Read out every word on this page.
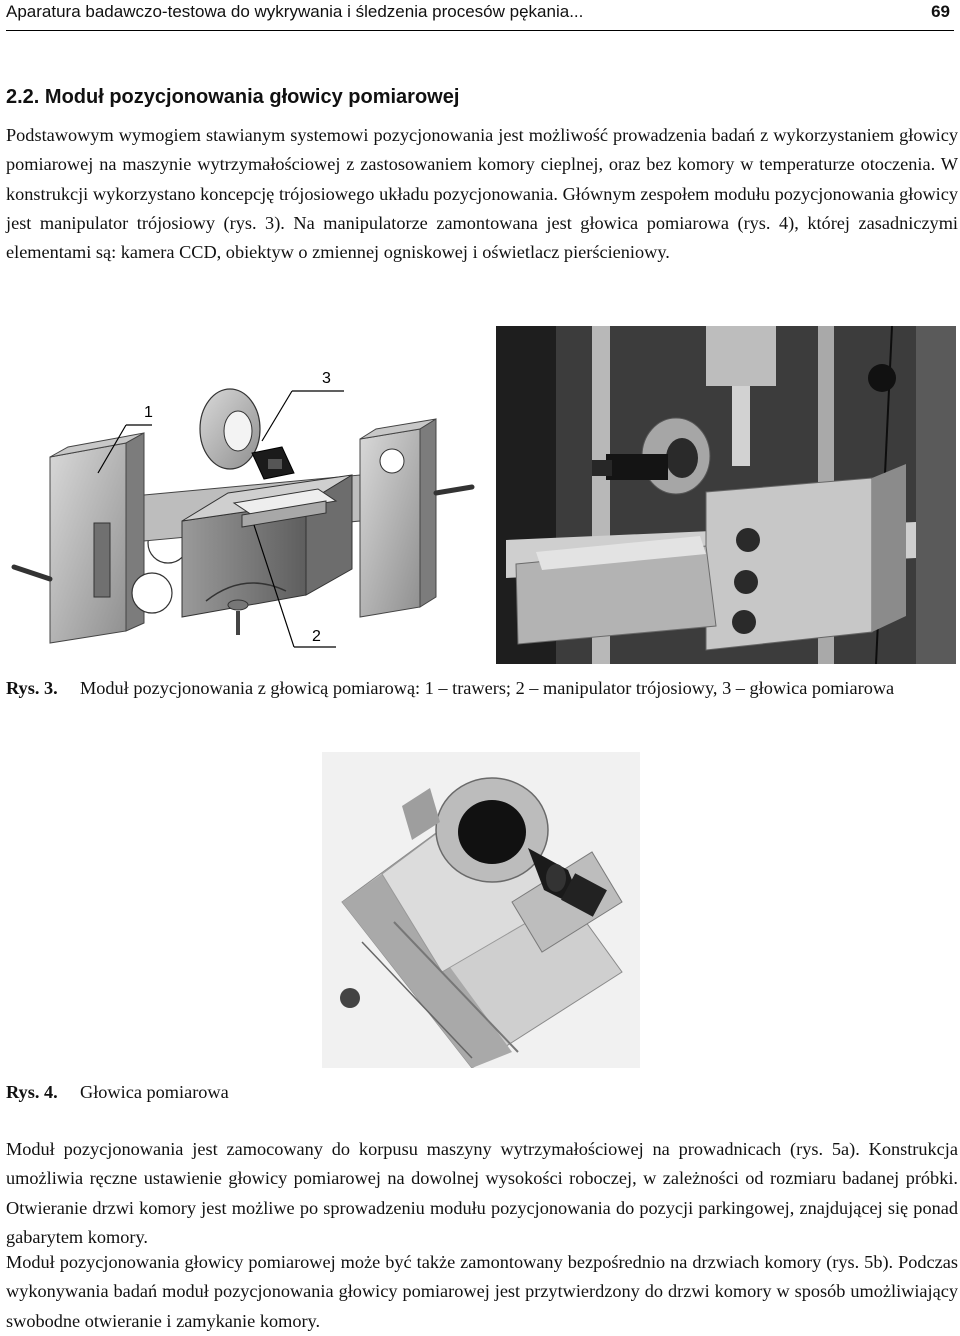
Aparatura badawczo-testowa do wykrywania i śledzenia procesów pękania...	69
2.2. Moduł pozycjonowania głowicy pomiarowej

Podstawowym wymogiem stawianym systemowi pozycjonowania jest możliwość prowadzenia badań z wykorzystaniem głowicy pomiarowej na maszynie wytrzymałościowej z zastosowaniem komory cieplnej, oraz bez komory w temperaturze otoczenia. W konstrukcji wykorzystano koncepcję trójosiowego układu pozycjonowania. Głównym zespołem modułu pozycjonowania głowicy jest manipulator trójosiowy (rys. 3). Na manipulatorze zamontowana jest głowica pomiarowa (rys. 4), której zasadniczymi elementami są: kamera CCD, obiektyw o zmiennej ogniskowej i oświetlacz pierścieniowy.

1
3
2
Rys. 3. Moduł pozycjonowania z głowicą pomiarową: 1 – trawers; 2 – manipulator trójosiowy, 3 – głowica pomiarowa
Rys. 4. Głowica pomiarowa

Moduł pozycjonowania jest zamocowany do korpusu maszyny wytrzymałościowej na prowadnicach (rys. 5a). Konstrukcja umożliwia ręczne ustawienie głowicy pomiarowej na dowolnej wysokości roboczej, w zależności od rozmiaru badanej próbki. Otwieranie drzwi komory jest możliwe po sprowadzeniu modułu pozycjonowania do pozycji parkingowej, znajdującej się ponad gabarytem komory.

Moduł pozycjonowania głowicy pomiarowej może być także zamontowany bezpośrednio na drzwiach komory (rys. 5b). Podczas wykonywania badań moduł pozycjonowania głowicy pomiarowej jest przytwierdzony do drzwi komory w sposób umożliwiający swobodne otwieranie i zamykanie komory.
